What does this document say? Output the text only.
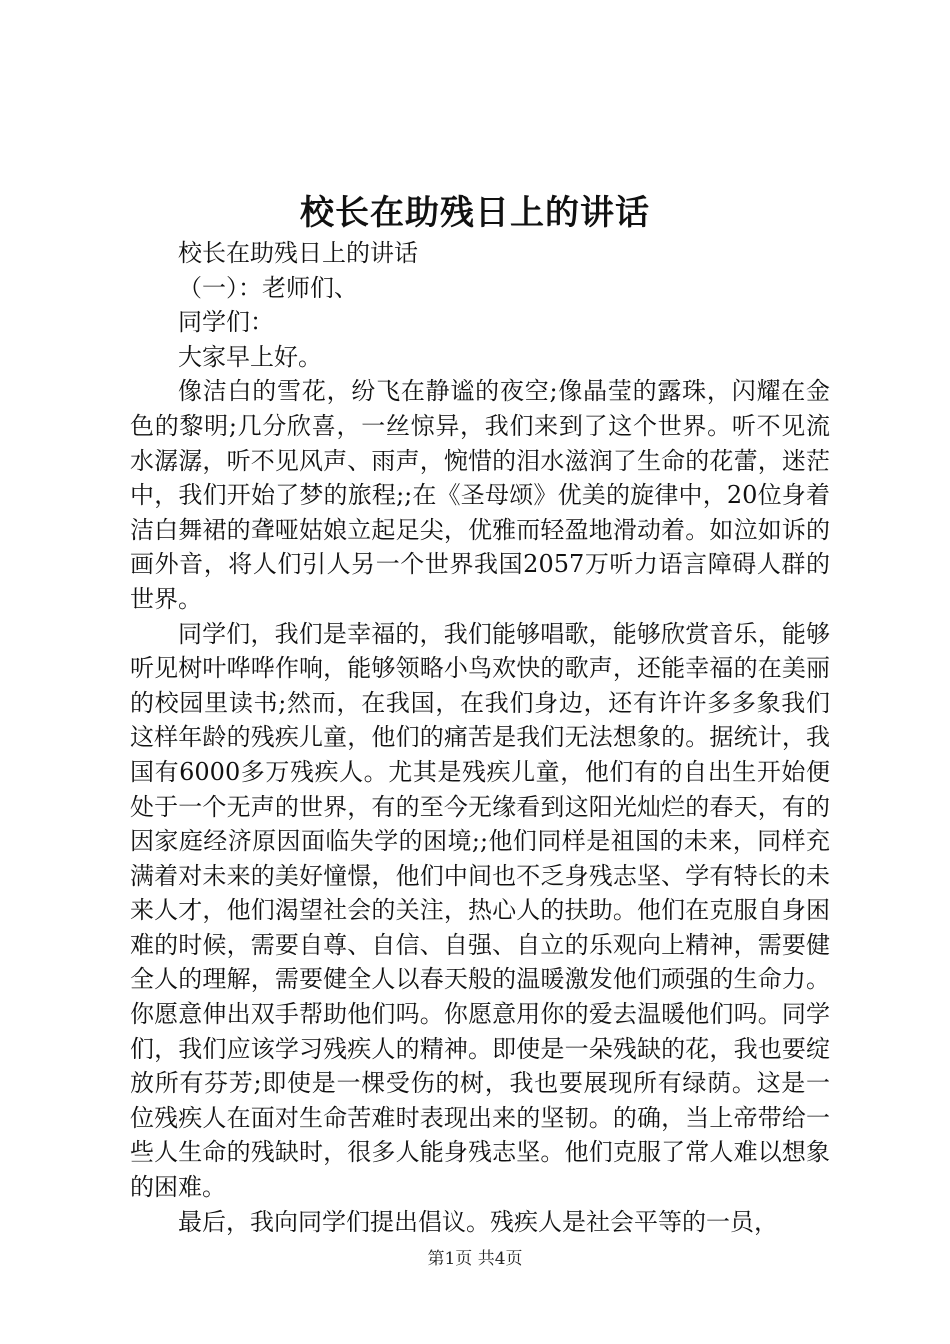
校长在助残日上的讲话

校长在助残日上的讲话

（一）：老师们、

同学们：

大家早上好。

像洁白的雪花，纷飞在静谧的夜空;像晶莹的露珠，闪耀在金色的黎明;几分欣喜，一丝惊异，我们来到了这个世界。听不见流水潺潺，听不见风声、雨声，惋惜的泪水滋润了生命的花蕾，迷茫中，我们开始了梦的旅程;;在《圣母颂》优美的旋律中，20位身着洁白舞裙的聋哑姑娘立起足尖，优雅而轻盈地滑动着。如泣如诉的画外音，将人们引人另一个世界我国2057万听力语言障碍人群的世界。

同学们，我们是幸福的，我们能够唱歌，能够欣赏音乐，能够听见树叶哗哗作响，能够领略小鸟欢快的歌声，还能幸福的在美丽的校园里读书;然而，在我国，在我们身边，还有许许多多象我们这样年龄的残疾儿童，他们的痛苦是我们无法想象的。据统计，我国有6000多万残疾人。尤其是残疾儿童，他们有的自出生开始便处于一个无声的世界，有的至今无缘看到这阳光灿烂的春天，有的因家庭经济原因面临失学的困境;;他们同样是祖国的未来，同样充满着对未来的美好憧憬，他们中间也不乏身残志坚、学有特长的未来人才，他们渴望社会的关注，热心人的扶助。他们在克服自身困难的时候，需要自尊、自信、自强、自立的乐观向上精神，需要健全人的理解，需要健全人以春天般的温暖激发他们顽强的生命力。你愿意伸出双手帮助他们吗。你愿意用你的爱去温暖他们吗。同学们，我们应该学习残疾人的精神。即使是一朵残缺的花，我也要绽放所有芬芳;即使是一棵受伤的树，我也要展现所有绿荫。这是一位残疾人在面对生命苦难时表现出来的坚韧。的确，当上帝带给一些人生命的残缺时，很多人能身残志坚。他们克服了常人难以想象的困难。

最后，我向同学们提出倡议。残疾人是社会平等的一员，

第1页 共4页
